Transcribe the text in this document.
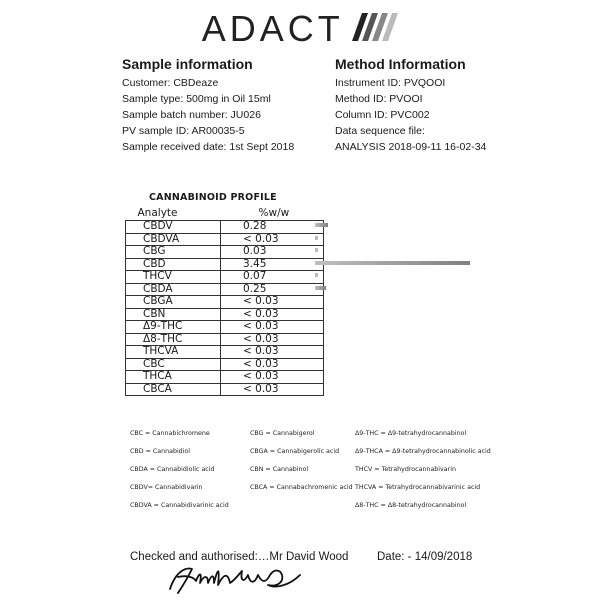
ADACT
Sample information
Customer: CBDeaze
Sample type: 500mg in Oil 15ml
Sample batch number: JU026
PV sample ID: AR00035-5
Sample received date: 1st Sept 2018
Method Information
Instrument ID: PVQOOI
Method ID: PVOOI
Column ID: PVC002
Data sequence file:
ANALYSIS 2018-09-11 16-02-34
CANNABINOID PROFILE
Analyte	%w/w
CBDV	0.28
CBDVA	< 0.03
CBG	0.03
CBD	3.45
THCV	0.07
CBDA	0.25
CBGA	< 0.03
CBN	< 0.03
Δ9-THC	< 0.03
Δ8-THC	< 0.03
THCVA	< 0.03
CBC	< 0.03
THCA	< 0.03
CBCA	< 0.03
CBC = Cannabichromene
CBD = Cannabidiol
CBDA = Cannabidiolic acid
CBDV= Cannabidivarin
CBDVA = Cannabidivarinic acid
CBG = Cannabigerol
CBGA = Cannabigerolic acid
CBN = Cannabinol
CBCA = Cannabachromenic acid
Δ9-THC = Δ9-tetrahydrocannabinol
Δ9-THCA = Δ9-tetrahydrocannabinolic acid
THCV = Tetrahydrocannabivarin
THCVA = Tetrahydrocannabivarinic acid
Δ8-THC = Δ8-tetrahydrocannabinol
Checked and authorised:…Mr David Wood Date: - 14/09/2018
